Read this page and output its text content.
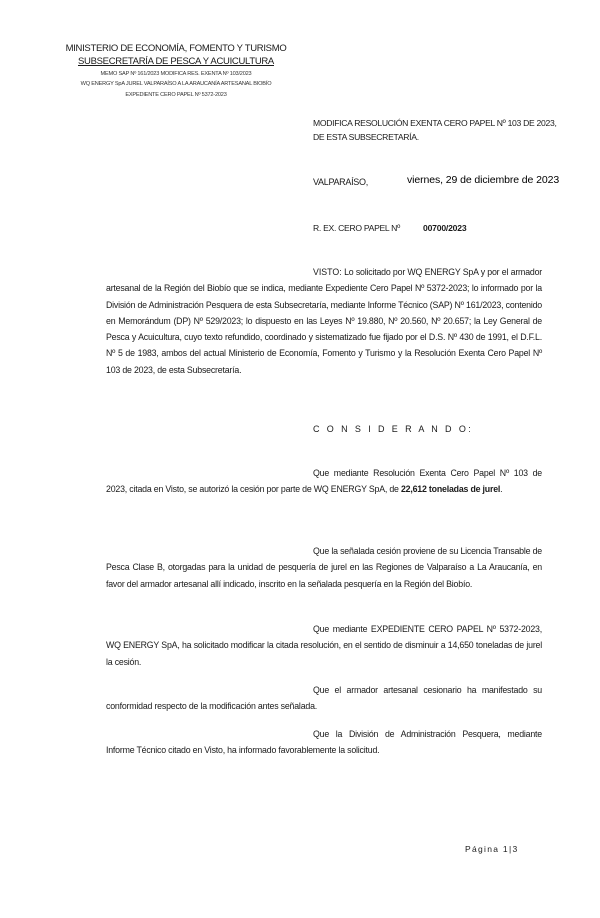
MINISTERIO DE ECONOMÍA, FOMENTO Y TURISMO
SUBSECRETARÍA DE PESCA Y ACUICULTURA
MEMO SAP Nº 161/2023 MODIFICA RES. EXENTA Nº 103/2023
WQ ENERGY SpA JUREL VALPARAÍSO A LA ARAUCANÍA ARTESANAL BIOBÍO
EXPEDIENTE CERO PAPEL Nº 5372-2023
MODIFICA RESOLUCIÓN EXENTA CERO PAPEL Nº 103 DE 2023, DE ESTA SUBSECRETARÍA.
VALPARAÍSO,	viernes, 29 de diciembre de 2023
R. EX. CERO PAPEL Nº	00700/2023
VISTO: Lo solicitado por WQ ENERGY SpA y por el armador artesanal de la Región del Biobío que se indica, mediante Expediente Cero Papel Nº 5372-2023; lo informado por la División de Administración Pesquera de esta Subsecretaría, mediante Informe Técnico (SAP) Nº 161/2023, contenido en Memorándum (DP) Nº 529/2023; lo dispuesto en las Leyes Nº 19.880, Nº 20.560, Nº 20.657; la Ley General de Pesca y Acuicultura, cuyo texto refundido, coordinado y sistematizado fue fijado por el D.S. Nº 430 de 1991, el D.F.L. Nº 5 de 1983, ambos del actual Ministerio de Economía, Fomento y Turismo y la Resolución Exenta Cero Papel Nº 103 de 2023, de esta Subsecretaría.
C O N S I D E R A N D O:
Que mediante Resolución Exenta Cero Papel Nº 103 de 2023, citada en Visto, se autorizó la cesión por parte de WQ ENERGY SpA, de 22,612 toneladas de jurel.
Que la señalada cesión proviene de su Licencia Transable de Pesca Clase B, otorgadas para la unidad de pesquería de jurel en las Regiones de Valparaíso a La Araucanía, en favor del armador artesanal allí indicado, inscrito en la señalada pesquería en la Región del Biobío.
Que mediante EXPEDIENTE CERO PAPEL Nº 5372-2023, WQ ENERGY SpA, ha solicitado modificar la citada resolución, en el sentido de disminuir a 14,650 toneladas de jurel la cesión.
Que el armador artesanal cesionario ha manifestado su conformidad respecto de la modificación antes señalada.
Que la División de Administración Pesquera, mediante Informe Técnico citado en Visto, ha informado favorablemente la solicitud.
Página 1|3
